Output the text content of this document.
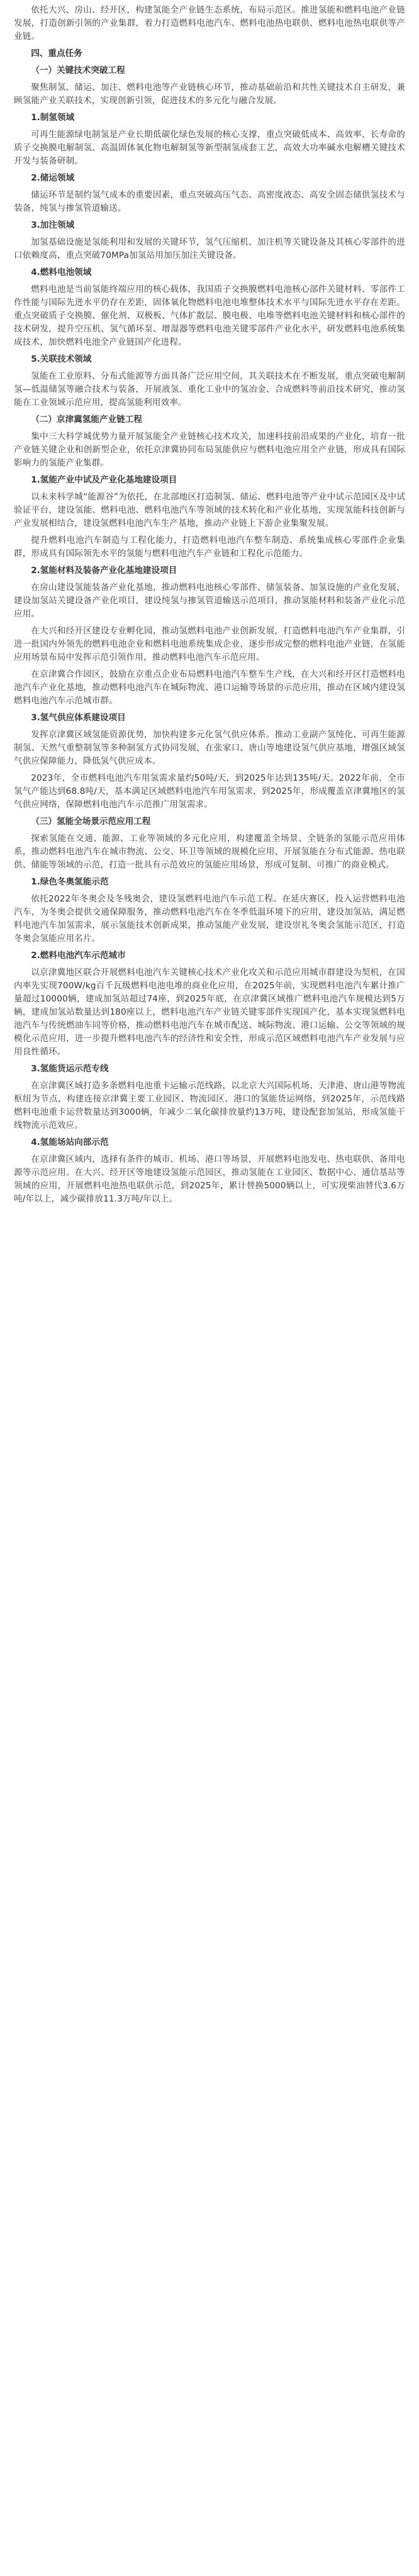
依托大兴、房山、经开区，构建氢能全产业链生态系统，布局示范区。推进氢能和燃料电池产业链发展，打造创新引领的产业集群，着力打造燃料电池汽车、燃料电池热电联供、燃料电池热电联供等产业链。

四、重点任务
（一）关键技术突破工程

聚焦制氢、储运、加注、燃料电池等产业链核心环节，推动基础前沿和共性关键技术自主研发，兼顾氢能产业关联技术，实现创新引领，促进技术的多元化与融合发展。

1.制氢领域

可再生能源绿电制氢是产业长期低碳化绿色发展的核心支撑，重点突破低成本、高效率、长寿命的质子交换膜电解制氢、高温固体氧化物电解制氢等新型制氢成套工艺，高效大功率碱水电解槽关键技术开发与装备研制。

2.储运领域

储运环节是制约氢气成本的重要因素，重点突破高压气态、高密度液态、高安全固态储供氢技术与装备，纯氢与掺氢管道输送。

3.加注领域

加氢基础设施是氢能利用和发展的关键环节，氢气压缩机、加注机等关键设备及其核心零部件的进口依赖度高，重点突破70MPa加氢站用加压加注关键设备。

4.燃料电池领域

燃料电池是当前氢能终端应用的核心载体，我国质子交换膜燃料电池核心部件关键材料、零部件工作性能与国际先进水平仍存在差距，固体氧化物燃料电池电堆整体技术水平与国际先进水平存在差距。重点突破质子交换膜、催化剂、双极板、气体扩散层、膜电极、电堆等燃料电池关键材料和核心部件的技术研发，提升空压机、氢气循环泵、增湿器等燃料电池关键零部件产业化水平，研发燃料电池系统集成技术，加快燃料电池全产业链国产化进程。

5.关联技术领域

氢能在工业原料、分布式能源等方面具备广泛应用空间，其关联技术在不断发展，重点突破电解制氢—低温储氢等融合技术与装备，开展液氢、重化工业中的氢冶金、合成燃料等前沿技术研究，推动氢能在工业领域示范应用，提高氢能利用效率。

（二）京津冀氢能产业链工程

集中三大科学城优势力量开展氢能全产业链核心技术攻关，加速科技前沿成果的产业化，培育一批产业链关键企业和创新型企业，依托京津冀协同布局氢能供应与燃料电池应用全产业链，形成具有国际影响力的氢能产业集群。

1.氢能产业中试及产业化基地建设项目

以未来科学城“能源谷”为依托，在北部地区打造制氢、储运、燃料电池等产业中试示范园区及中试验证平台，建设氢能、燃料电池、燃料电池汽车等领域的技术转化和产业化基地，实现氢能科技创新与产业发展相结合，建设氢燃料电池汽车生产基地，推动产业链上下游企业集聚发展。

提升燃料电池汽车制造与工程化能力，打造燃料电池汽车整车制造、系统集成核心零部件企业集群，形成具有国际领先水平的氢能与燃料电池汽车产业链和工程化示范能力。

2.氢能材料及装备产业化基地建设项目

在房山建设氢能装备产业化基地，推动燃料电池核心零部件、储氢装备、加氢设施的产业化发展，建设加氢站关键设备产业化项目，建设纯氢与掺氢管道输送示范项目，推动氢能材料和装备产业化示范应用。

在大兴和经开区建设专业孵化园，推动氢燃料电池产业创新发展，打造燃料电池汽车产业集群，引进一批国内外领先的燃料电池企业和燃料电池系统集成企业，逐步形成完整的燃料电池产业链，在氢能应用场景布局中发挥示范引领作用，推动燃料电池汽车示范应用。

在京津冀合作园区，鼓励在京重点企业布局燃料电池汽车整车生产线，在大兴和经开区打造燃料电池汽车产业化基地，推动燃料电池汽车在城际物流、港口运输等场景的示范应用，推动在区域内建设氢燃料电池汽车示范城市群。

3.氢气供应体系建设项目

发挥京津冀区域氢能资源优势，加快构建多元化氢气供应体系。推动工业副产氢纯化、可再生能源制氢、天然气重整制氢等多种制氢方式协同发展，在张家口、唐山等地建设氢气供应基地，增强区域氢气供应保障能力，降低氢气供应成本。

2023年，全市燃料电池汽车用氢需求量约50吨/天，到2025年达到135吨/天。2022年前，全市氢气产能达到68.8吨/天，基本满足区域燃料电池汽车用氢需求，到2025年，形成覆盖京津冀地区的氢气供应网络，保障燃料电池汽车示范推广用氢需求。

（三）氢能全场景示范应用工程

探索氢能在交通、能源、工业等领域的多元化应用，构建覆盖全场景、全链条的氢能示范应用体系，推动燃料电池汽车在城市物流、公交、环卫等领域的规模化应用，开展氢能在分布式能源、热电联供、储能等领域的示范，打造一批具有示范效应的氢能应用场景，形成可复制、可推广的商业模式。

1.绿色冬奥氢能示范

依托2022年冬奥会及冬残奥会，建设氢燃料电池汽车示范工程。在延庆赛区，投入运营燃料电池汽车，为冬奥会提供交通保障服务，推动燃料电池汽车在冬季低温环境下的应用，建设加氢站，满足燃料电池汽车加氢需求，展示氢能技术创新成果，推动氢能产业发展，建设崇礼冬奥会氢能示范区，打造冬奥会氢能应用名片。

2.燃料电池汽车示范城市

以京津冀地区联合开展燃料电池汽车关键核心技术产业化攻关和示范应用城市群建设为契机，在国内率先实现700W/kg百千瓦级燃料电池电堆的商业化应用，在2025年前，实现燃料电池汽车累计推广量超过10000辆，建成加氢站超过74座，到2025年底，在京津冀区域推广燃料电池汽车规模达到5万辆，建成加氢站数量达到180座以上，燃料电池汽车产业链关键零部件实现国产化，基本实现氢燃料电池汽车与传统燃油车同等价格，推动燃料电池汽车在城市配送、城际物流、港口运输、公交等领域的规模化示范应用，进一步提升燃料电池汽车的经济性和安全性，形成示范区域燃料电池汽车产业发展与应用良性循环。

3.氢能货运示范专线

在京津冀区域打造多条燃料电池重卡运输示范线路，以北京大兴国际机场、天津港、唐山港等物流枢纽为节点，构建连接京津冀主要工业园区、物流园区、港口的氢能货运网络，到2025年，示范线路燃料电池重卡运营数量达到3000辆，年减少二氧化碳排放量约13万吨，建设配套加氢站，形成氢能干线物流示范效应。

4.氢能场站向部示范

在京津冀区域内，选择有条件的城市、机场、港口等场景，开展燃料电池发电、热电联供、备用电源等示范应用。在大兴、经开区等地建设氢能示范园区，推动氢能在工业园区、数据中心、通信基站等领域的应用，开展燃料电池热电联供示范，到2025年，累计替换5000辆以上，可实现柴油替代3.6万吨/年以上，减少碳排放11.3万吨/年以上。
